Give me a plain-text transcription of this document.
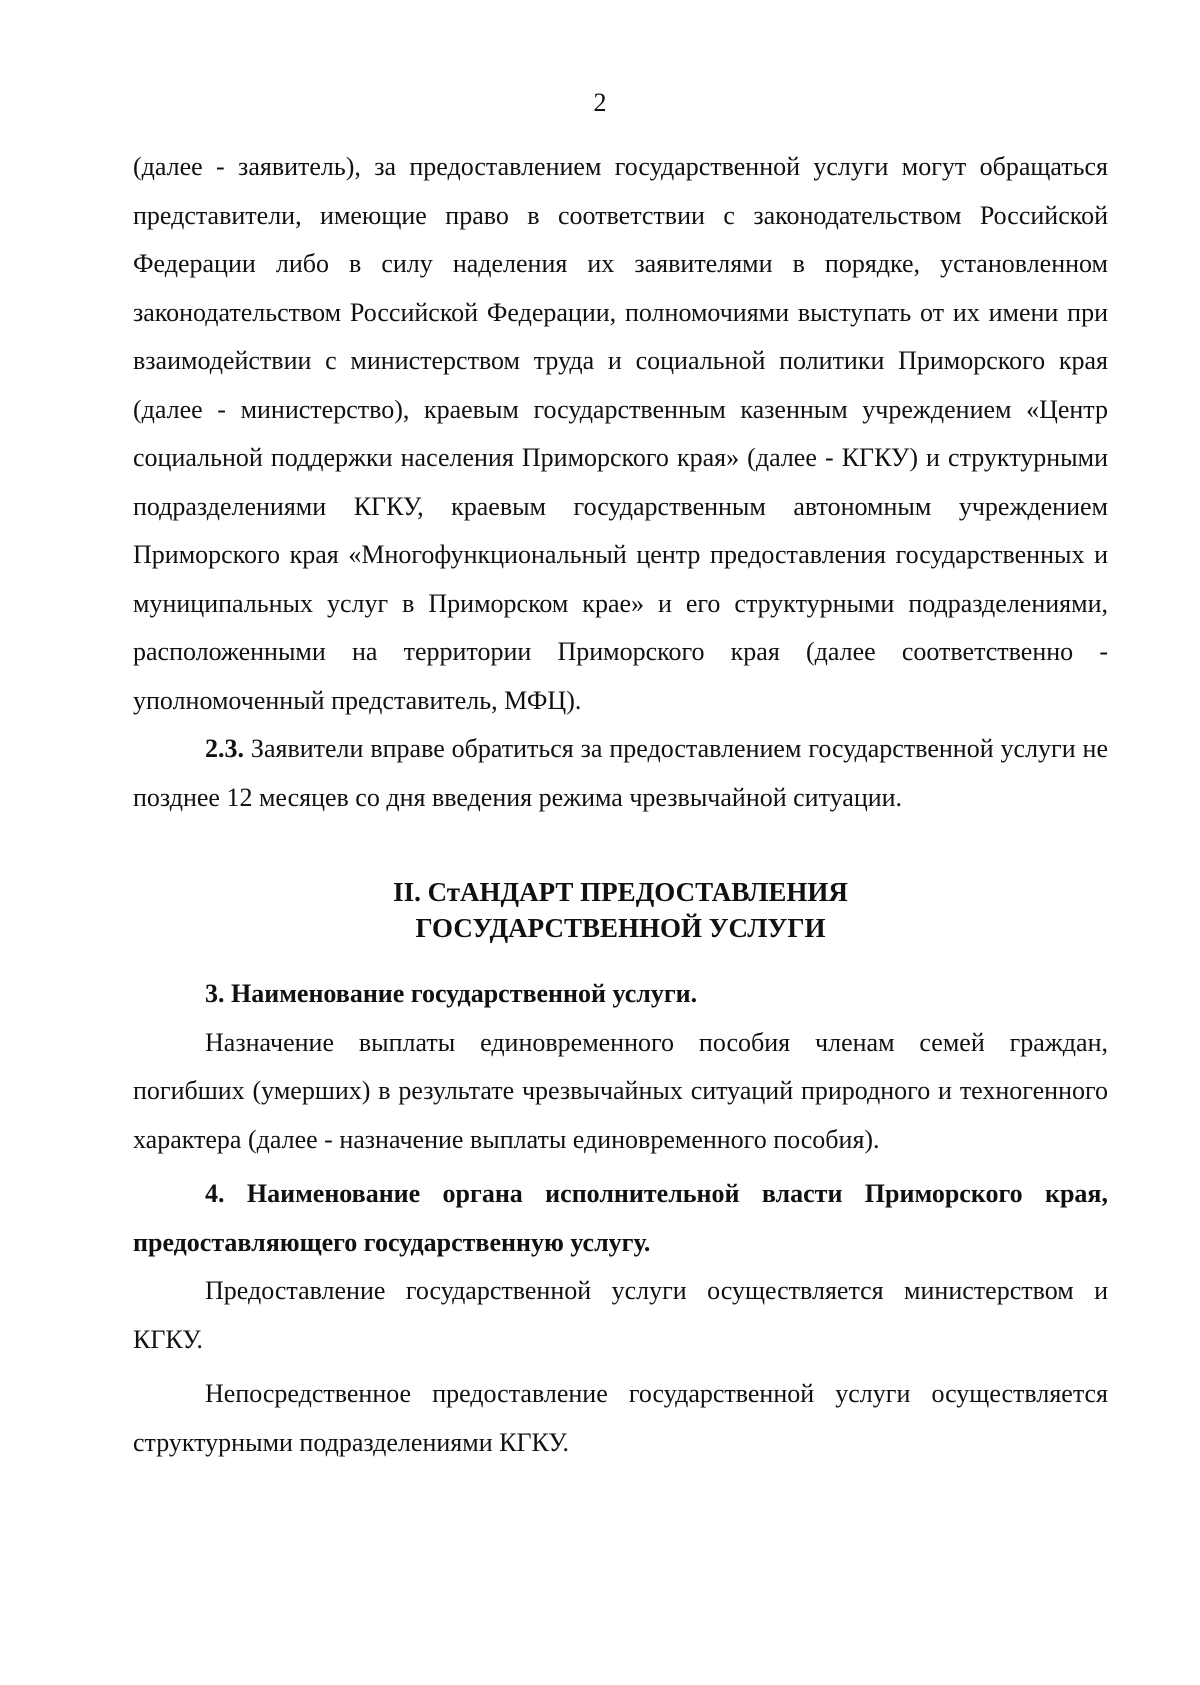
2

(далее - заявитель), за предоставлением государственной услуги могут обращаться представители, имеющие право в соответствии с законодательством Российской Федерации либо в силу наделения их заявителями в порядке, установленном законодательством Российской Федерации, полномочиями выступать от их имени при взаимодействии с министерством труда и социальной политики Приморского края (далее - министерство), краевым государственным казенным учреждением «Центр социальной поддержки населения Приморского края» (далее - КГКУ) и структурными подразделениями КГКУ, краевым государственным автономным учреждением Приморского края «Многофункциональный центр предоставления государственных и муниципальных услуг в Приморском крае» и его структурными подразделениями, расположенными на территории Приморского края (далее соответственно - уполномоченный представитель, МФЦ).

2.3. Заявители вправе обратиться за предоставлением государственной услуги не позднее 12 месяцев со дня введения режима чрезвычайной ситуации.

II. СтАНДАРТ ПРЕДОСТАВЛЕНИЯ
ГОСУДАРСТВЕННОЙ УСЛУГИ

3. Наименование государственной услуги.

Назначение выплаты единовременного пособия членам семей граждан, погибших (умерших) в результате чрезвычайных ситуаций природного и техногенного характера (далее - назначение выплаты единовременного пособия).

4. Наименование органа исполнительной власти Приморского края, предоставляющего государственную услугу.

Предоставление государственной услуги осуществляется министерством и КГКУ.

Непосредственное предоставление государственной услуги осуществляется структурными подразделениями КГКУ.
